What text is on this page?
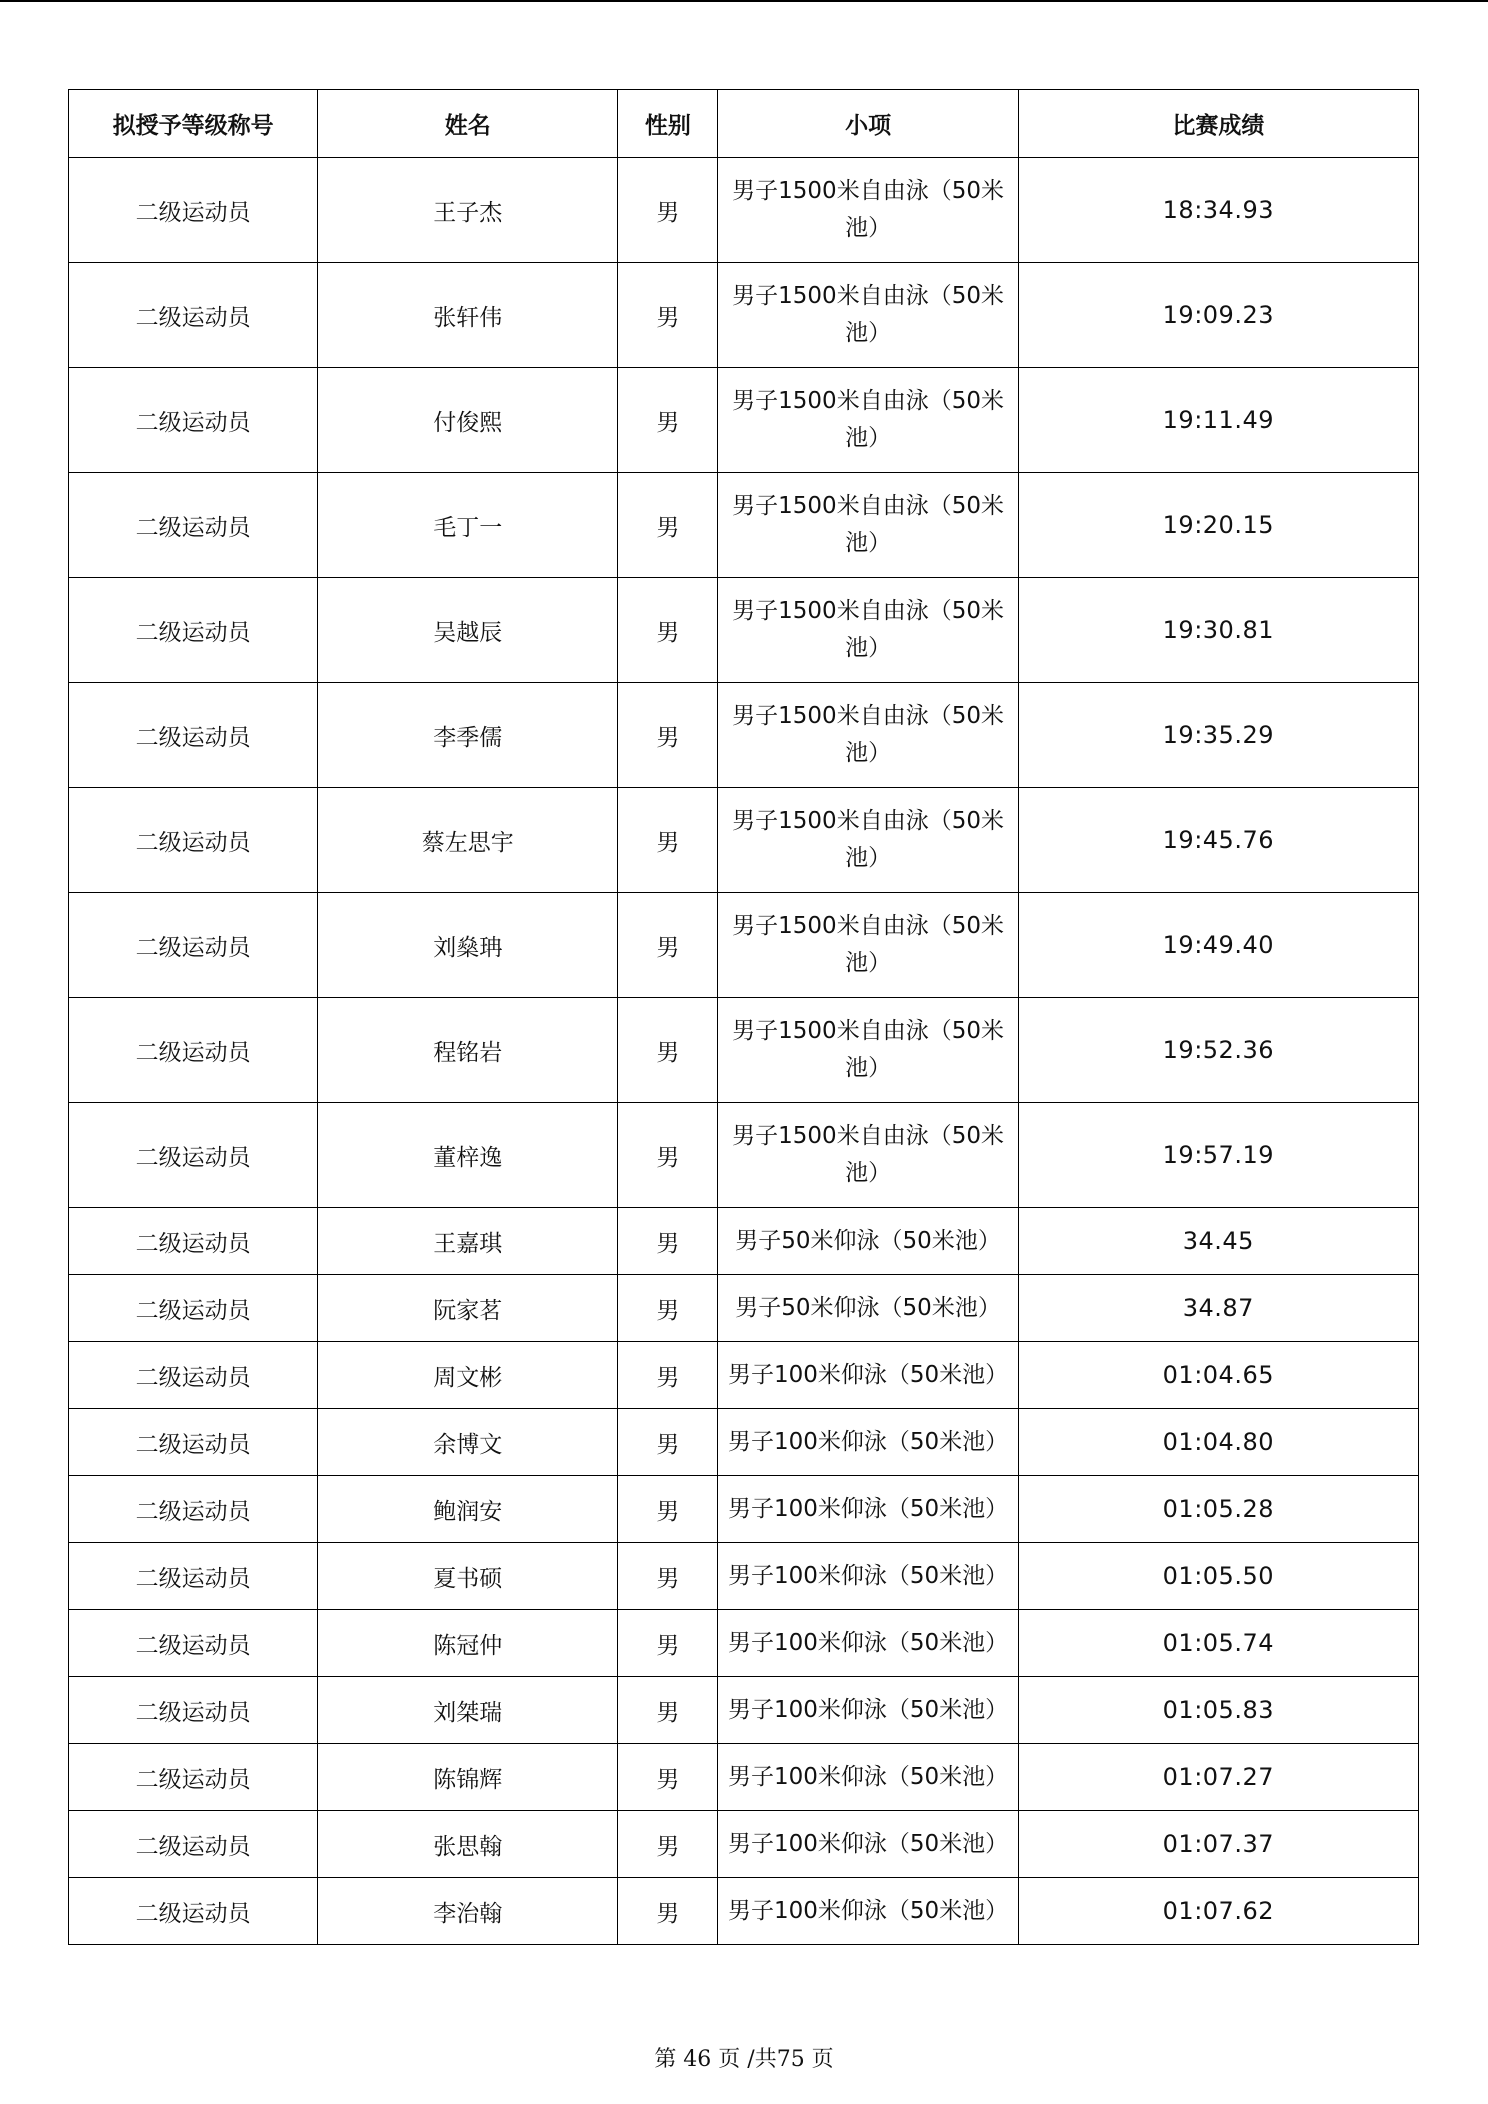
拟授予等级称号	姓名	性别	小项	比赛成绩
二级运动员	王子杰	男	男子1500米自由泳（50米池）	18:34.93
二级运动员	张轩伟	男	男子1500米自由泳（50米池）	19:09.23
二级运动员	付俊熙	男	男子1500米自由泳（50米池）	19:11.49
二级运动员	毛丁一	男	男子1500米自由泳（50米池）	19:20.15
二级运动员	吴越辰	男	男子1500米自由泳（50米池）	19:30.81
二级运动员	李季儒	男	男子1500米自由泳（50米池）	19:35.29
二级运动员	蔡左思宇	男	男子1500米自由泳（50米池）	19:45.76
二级运动员	刘燊珃	男	男子1500米自由泳（50米池）	19:49.40
二级运动员	程铭岩	男	男子1500米自由泳（50米池）	19:52.36
二级运动员	董梓逸	男	男子1500米自由泳（50米池）	19:57.19
二级运动员	王嘉琪	男	男子50米仰泳（50米池）	34.45
二级运动员	阮家茗	男	男子50米仰泳（50米池）	34.87
二级运动员	周文彬	男	男子100米仰泳（50米池）	01:04.65
二级运动员	余博文	男	男子100米仰泳（50米池）	01:04.80
二级运动员	鲍润安	男	男子100米仰泳（50米池）	01:05.28
二级运动员	夏书硕	男	男子100米仰泳（50米池）	01:05.50
二级运动员	陈冠仲	男	男子100米仰泳（50米池）	01:05.74
二级运动员	刘桀瑞	男	男子100米仰泳（50米池）	01:05.83
二级运动员	陈锦辉	男	男子100米仰泳（50米池）	01:07.27
二级运动员	张思翰	男	男子100米仰泳（50米池）	01:07.37
二级运动员	李治翰	男	男子100米仰泳（50米池）	01:07.62
第 46 页 /共75 页
